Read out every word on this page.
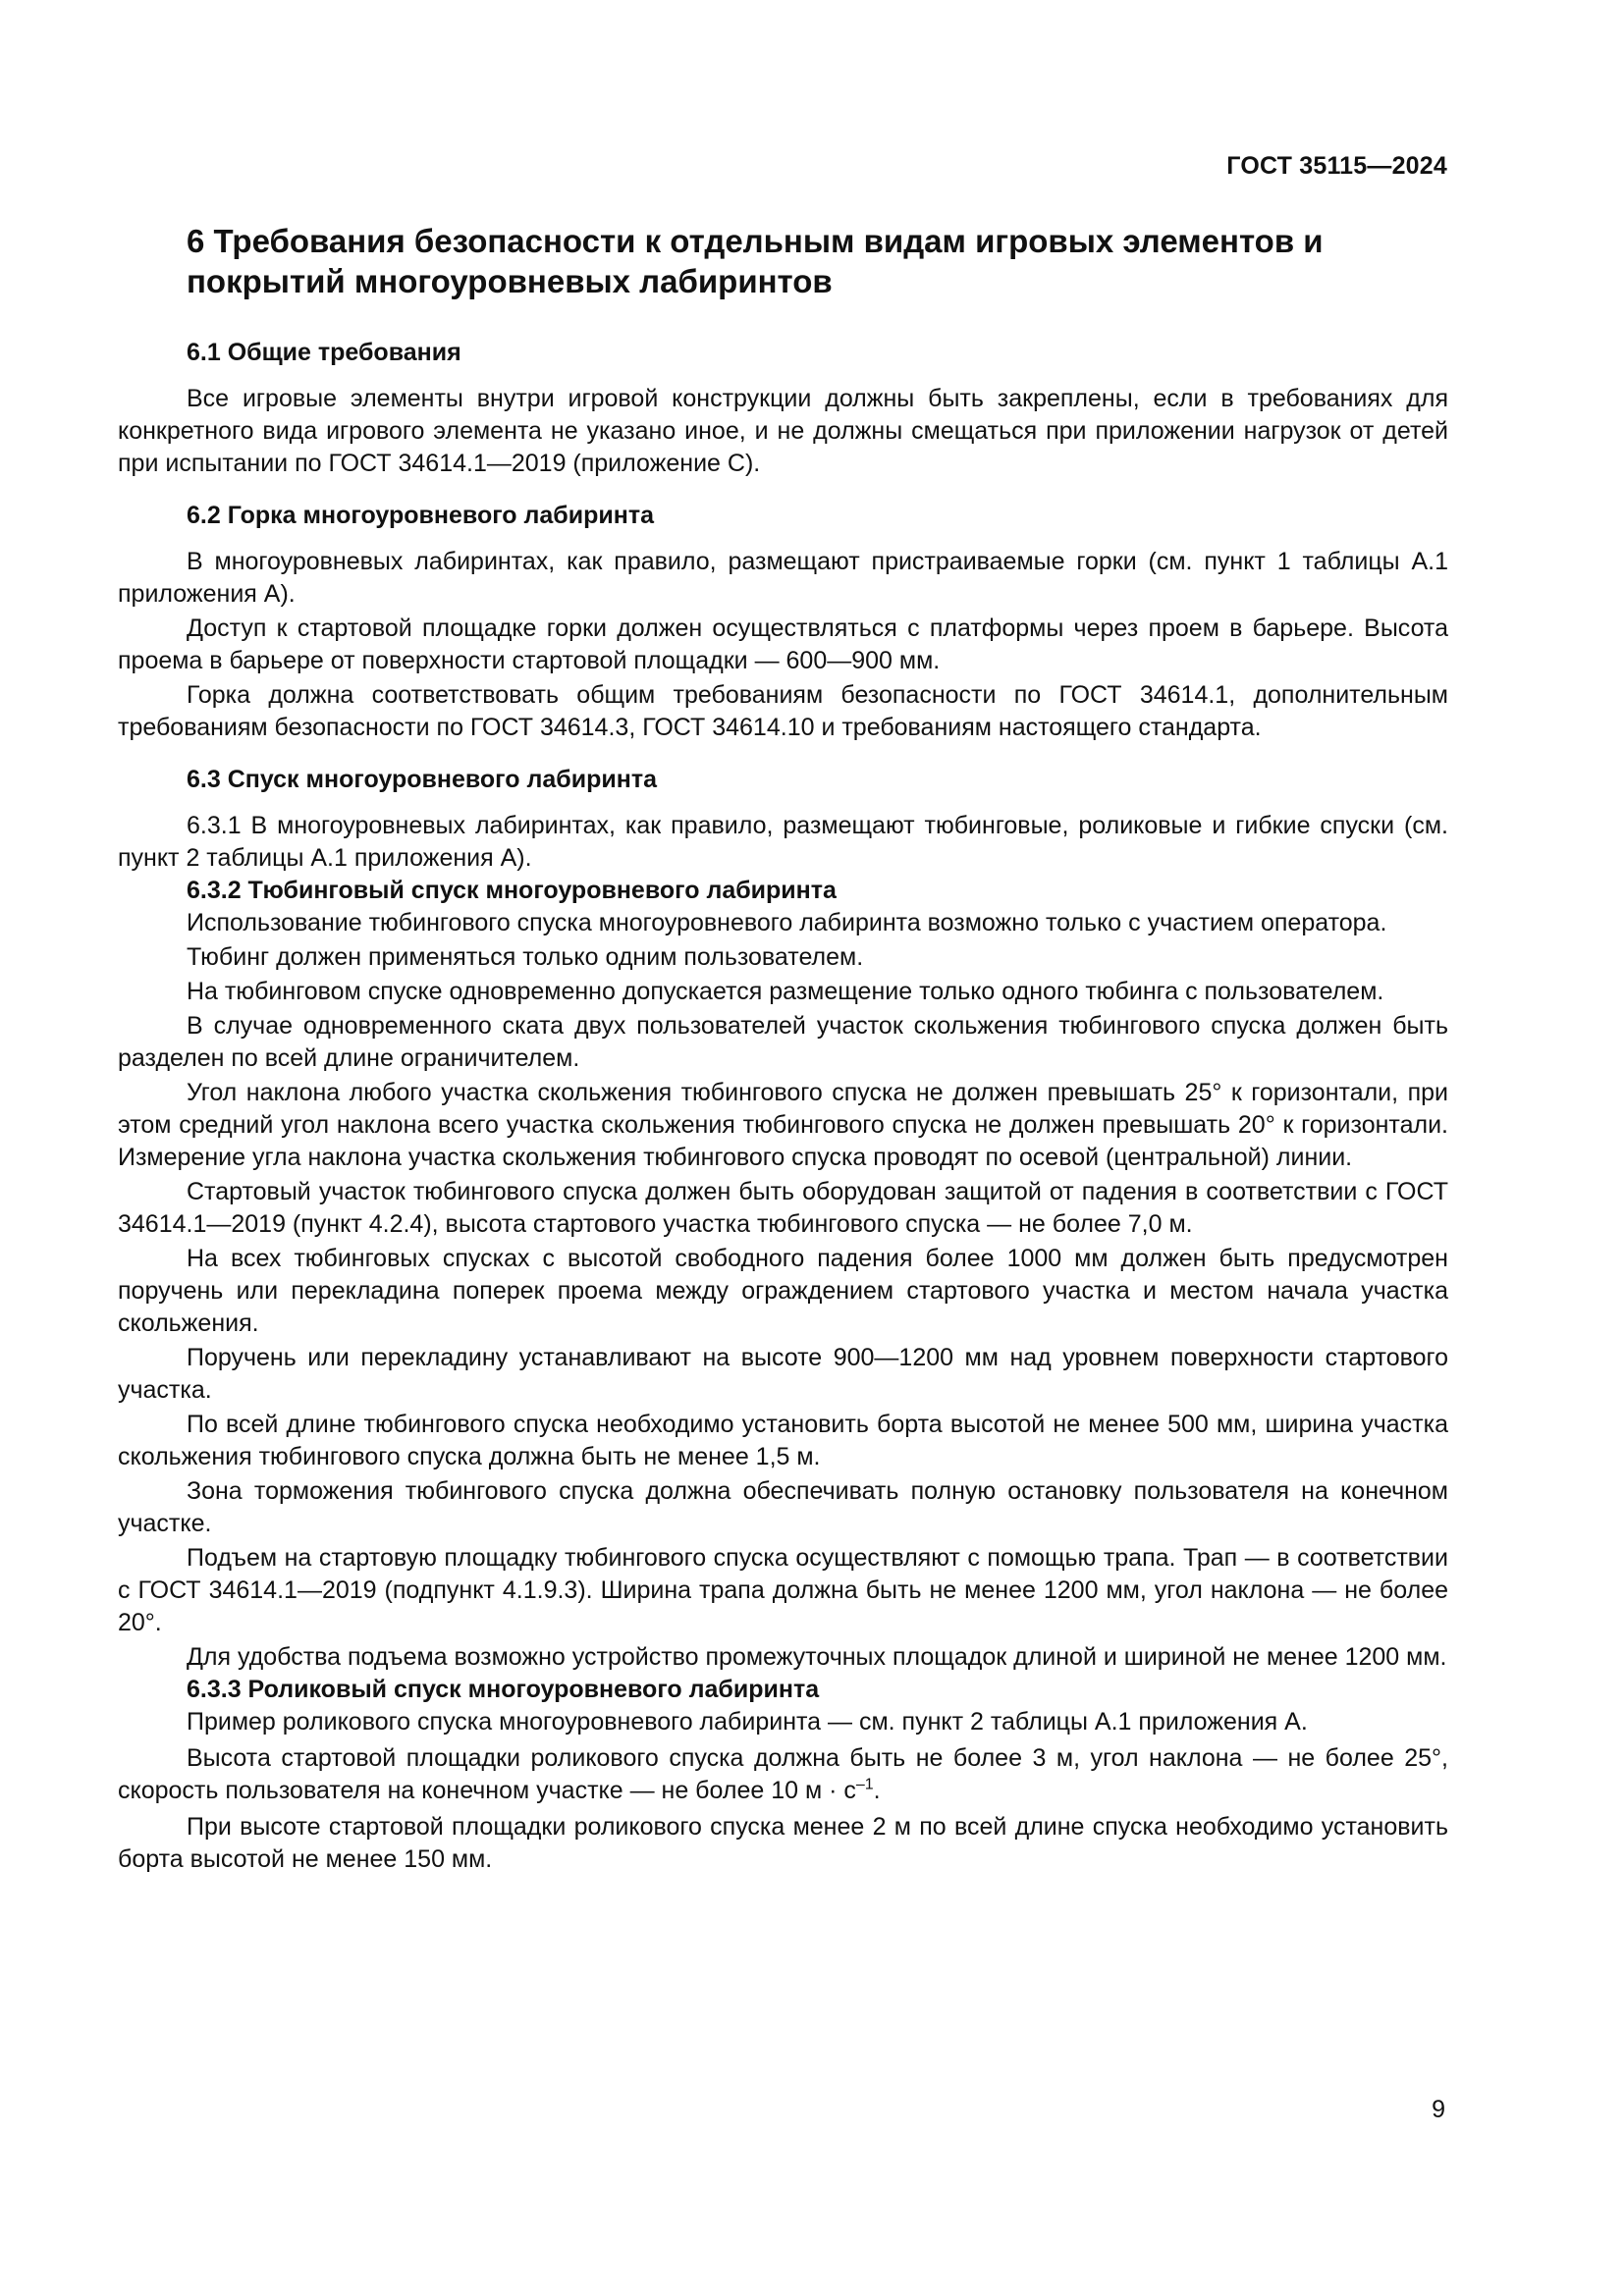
ГОСТ 35115—2024
6 Требования безопасности к отдельным видам игровых элементов и покрытий многоуровневых лабиринтов
6.1 Общие требования

Все игровые элементы внутри игровой конструкции должны быть закреплены, если в требованиях для конкретного вида игрового элемента не указано иное, и не должны смещаться при приложении нагрузок от детей при испытании по ГОСТ 34614.1—2019 (приложение С).

6.2 Горка многоуровневого лабиринта

В многоуровневых лабиринтах, как правило, размещают пристраиваемые горки (см. пункт 1 таблицы А.1 приложения А).

Доступ к стартовой площадке горки должен осуществляться с платформы через проем в барьере. Высота проема в барьере от поверхности стартовой площадки — 600—900 мм.

Горка должна соответствовать общим требованиям безопасности по ГОСТ 34614.1, дополнительным требованиям безопасности по ГОСТ 34614.3, ГОСТ 34614.10 и требованиям настоящего стандарта.

6.3 Спуск многоуровневого лабиринта

6.3.1 В многоуровневых лабиринтах, как правило, размещают тюбинговые, роликовые и гибкие спуски (см. пункт 2 таблицы А.1 приложения А).

6.3.2 Тюбинговый спуск многоуровневого лабиринта

Использование тюбингового спуска многоуровневого лабиринта возможно только с участием оператора.

Тюбинг должен применяться только одним пользователем.

На тюбинговом спуске одновременно допускается размещение только одного тюбинга с пользователем.

В случае одновременного ската двух пользователей участок скольжения тюбингового спуска должен быть разделен по всей длине ограничителем.

Угол наклона любого участка скольжения тюбингового спуска не должен превышать 25° к горизонтали, при этом средний угол наклона всего участка скольжения тюбингового спуска не должен превышать 20° к горизонтали. Измерение угла наклона участка скольжения тюбингового спуска проводят по осевой (центральной) линии.

Стартовый участок тюбингового спуска должен быть оборудован защитой от падения в соответствии с ГОСТ 34614.1—2019 (пункт 4.2.4), высота стартового участка тюбингового спуска — не более 7,0 м.

На всех тюбинговых спусках с высотой свободного падения более 1000 мм должен быть предусмотрен поручень или перекладина поперек проема между ограждением стартового участка и местом начала участка скольжения.

Поручень или перекладину устанавливают на высоте 900—1200 мм над уровнем поверхности стартового участка.

По всей длине тюбингового спуска необходимо установить борта высотой не менее 500 мм, ширина участка скольжения тюбингового спуска должна быть не менее 1,5 м.

Зона торможения тюбингового спуска должна обеспечивать полную остановку пользователя на конечном участке.

Подъем на стартовую площадку тюбингового спуска осуществляют с помощью трапа. Трап — в соответствии с ГОСТ 34614.1—2019 (подпункт 4.1.9.3). Ширина трапа должна быть не менее 1200 мм, угол наклона — не более 20°.

Для удобства подъема возможно устройство промежуточных площадок длиной и шириной не менее 1200 мм.

6.3.3 Роликовый спуск многоуровневого лабиринта

Пример роликового спуска многоуровневого лабиринта — см. пункт 2 таблицы А.1 приложения А.

Высота стартовой площадки роликового спуска должна быть не более 3 м, угол наклона — не более 25°, скорость пользователя на конечном участке — не более 10 $м \cdot с^{-1}$.

При высоте стартовой площадки роликового спуска менее 2 м по всей длине спуска необходимо установить борта высотой не менее 150 мм.

9
